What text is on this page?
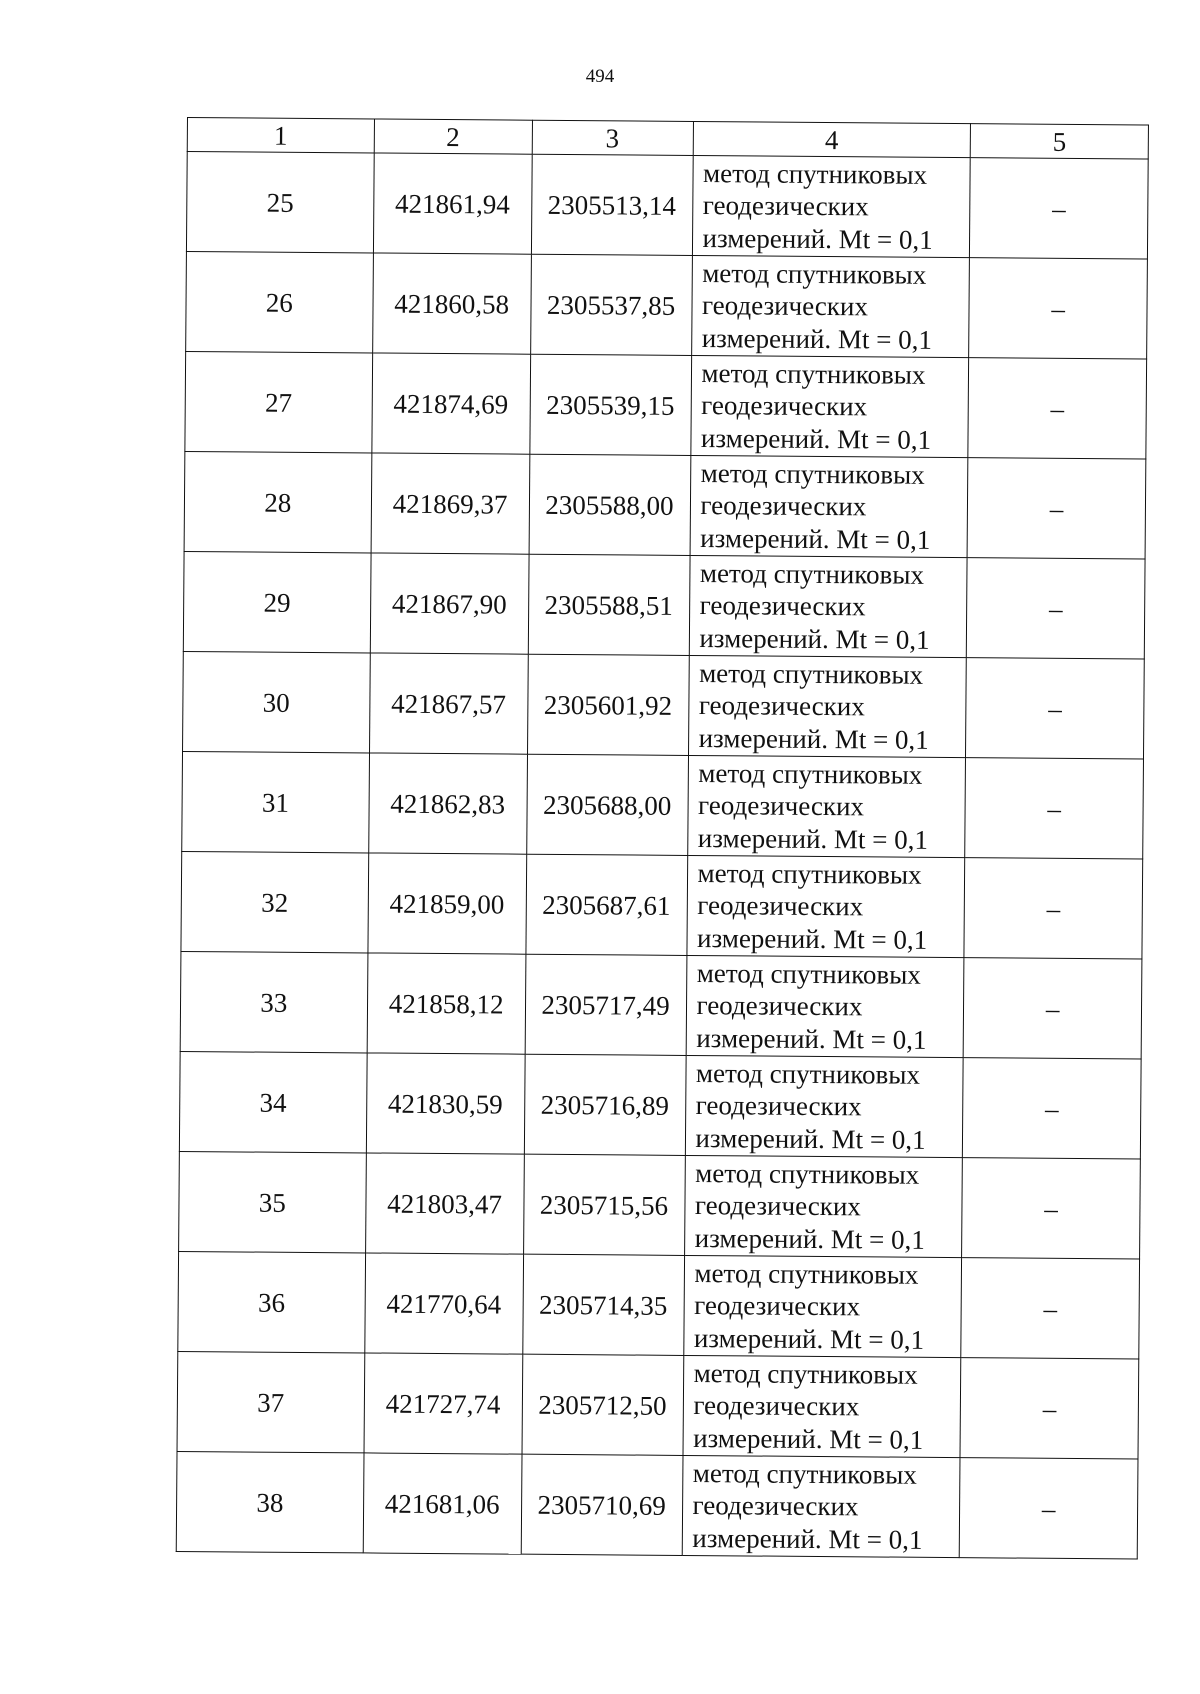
494
1	2	3	4	5
25	421861,94	2305513,14	метод спутниковых
геодезических
измерений. Mt = 0,1	–
26	421860,58	2305537,85	метод спутниковых
геодезических
измерений. Mt = 0,1	–
27	421874,69	2305539,15	метод спутниковых
геодезических
измерений. Mt = 0,1	–
28	421869,37	2305588,00	метод спутниковых
геодезических
измерений. Mt = 0,1	–
29	421867,90	2305588,51	метод спутниковых
геодезических
измерений. Mt = 0,1	–
30	421867,57	2305601,92	метод спутниковых
геодезических
измерений. Mt = 0,1	–
31	421862,83	2305688,00	метод спутниковых
геодезических
измерений. Mt = 0,1	–
32	421859,00	2305687,61	метод спутниковых
геодезических
измерений. Mt = 0,1	–
33	421858,12	2305717,49	метод спутниковых
геодезических
измерений. Mt = 0,1	–
34	421830,59	2305716,89	метод спутниковых
геодезических
измерений. Mt = 0,1	–
35	421803,47	2305715,56	метод спутниковых
геодезических
измерений. Mt = 0,1	–
36	421770,64	2305714,35	метод спутниковых
геодезических
измерений. Mt = 0,1	–
37	421727,74	2305712,50	метод спутниковых
геодезических
измерений. Mt = 0,1	–
38	421681,06	2305710,69	метод спутниковых
геодезических
измерений. Mt = 0,1	–
